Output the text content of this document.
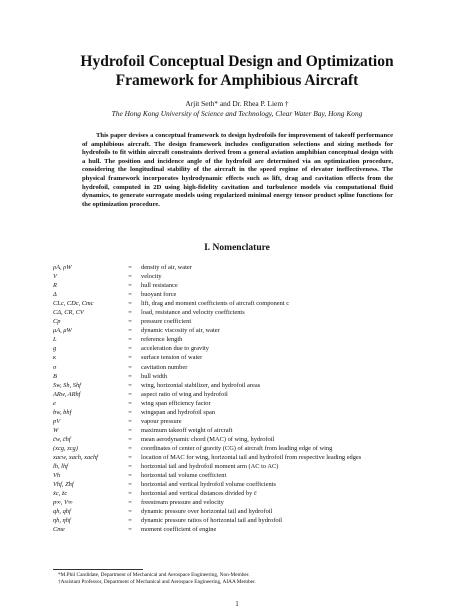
Hydrofoil Conceptual Design and Optimization Framework for Amphibious Aircraft
Arjit Seth* and Dr. Rhea P. Liem †
The Hong Kong University of Science and Technology, Clear Water Bay, Hong Kong

This paper devises a conceptual framework to design hydrofoils for improvement of takeoff performance of amphibious aircraft. The design framework includes configuration selections and sizing methods for hydrofoils to fit within aircraft constraints derived from a general aviation amphibian conceptual design with a hull. The position and incidence angle of the hydrofoil are determined via an optimization procedure, considering the longitudinal stability of the aircraft in the speed regime of elevator ineffectiveness. The physical framework incorporates hydrodynamic effects such as lift, drag and cavitation effects from the hydrofoil, computed in 2D using high-fidelity cavitation and turbulence models via computational fluid dynamics, to generate surrogate models using regularized minimal energy tensor product spline functions for the optimization procedure.

I. Nomenclature
ρA, ρW	=	density of air, water
V	=	velocity
R	=	hull resistance
Δ	=	buoyant force
CLc, CDc, Cmc	=	lift, drag and moment coefficients of aircraft component c
CΔ, CR, CV	=	load, resistance and velocity coefficients
Cp	=	pressure coefficient
μA, μW	=	dynamic viscosity of air, water
L	=	reference length
g	=	acceleration due to gravity
κ	=	surface tension of water
σ	=	cavitation number
B	=	hull width
Sw, Sh, Shf	=	wing, horizontal stabilizer, and hydrofoil areas
ARw, ARhf	=	aspect ratio of wing and hydrofoil
e	=	wing span efficiency factor
bw, bhf	=	wingspan and hydrofoil span
pV	=	vapour pressure
W	=	maximum takeoff weight of aircraft
c̄w, c̄hf	=	mean aerodynamic chord (MAC) of wing, hydrofoil
(xcg, zcg)	=	coordinates of center of gravity (CG) of aircraft from leading edge of wing
xacw, xach, xachf	=	location of MAC for wing, horizontal tail and hydrofoil from respective leading edges
lh, lhf	=	horizontal tail and hydrofoil moment arm (AC to AC)
Vh	=	horizontal tail volume coefficient
Vhf, Zhf	=	horizontal and vertical hydrofoil volume coefficients
x̄c, z̄c	=	horizontal and vertical distances divided by c̄
p∞, V∞	=	freestream pressure and velocity
qh, qhf	=	dynamic pressure over horizontal tail and hydrofoil
ηh, ηhf	=	dynamic pressure ratios of horizontal tail and hydrofoil
Cme	=	moment coefficient of engine
*M.Phil Candidate, Department of Mechanical and Aerospace Engineering, Non-Member.
†Assistant Professor, Department of Mechanical and Aerospace Engineering, AIAA Member.
1
